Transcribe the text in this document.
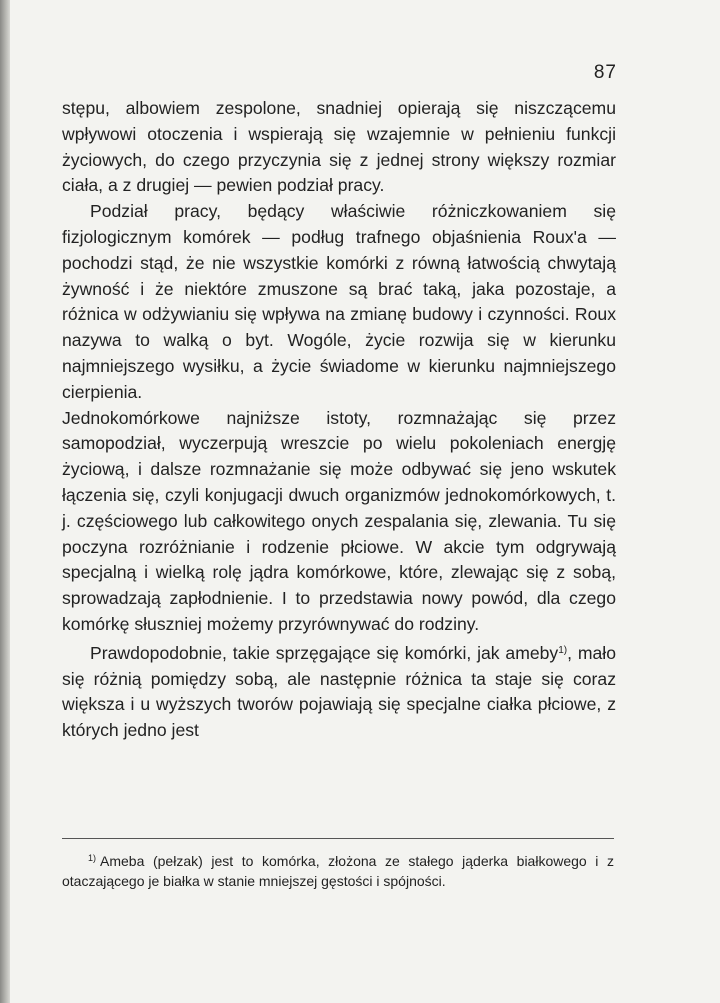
87

stępu, albowiem zespolone, snadniej opierają się niszczącemu wpływowi otoczenia i wspierają się wzajemnie w pełnieniu funkcji życiowych, do czego przyczynia się z jednej strony większy rozmiar ciała, a z drugiej — pewien podział pracy.

Podział pracy, będący właściwie różniczkowaniem się fizjologicznym komórek — podług trafnego objaśnienia Roux'a — pochodzi stąd, że nie wszystkie komórki z równą łatwością chwytają żywność i że niektóre zmuszone są brać taką, jaka pozostaje, a różnica w odżywianiu się wpływa na zmianę budowy i czynności. Roux nazywa to walką o byt. Wogóle, życie rozwija się w kierunku najmniejszego wysiłku, a życie świadome w kierunku najmniejszego cierpienia.

Jednokomórkowe najniższe istoty, rozmnażając się przez samopodział, wyczerpują wreszcie po wielu pokoleniach energję życiową, i dalsze rozmnażanie się może odbywać się jeno wskutek łączenia się, czyli konjugacji dwuch organizmów jednokomórkowych, t. j. częściowego lub całkowitego onych zespalania się, zlewania. Tu się poczyna rozróżnianie i rodzenie płciowe. W akcie tym odgrywają specjalną i wielką rolę jądra komórkowe, które, zlewając się z sobą, sprowadzają zapłodnienie. I to przedstawia nowy powód, dla czego komórkę słuszniej możemy przyrównywać do rodziny.

Prawdopodobnie, takie sprzęgające się komórki, jak ameby$^{1)}$, mało się różnią pomiędzy sobą, ale następnie różnica ta staje się coraz większa i u wyższych tworów pojawiają się specjalne ciałka płciowe, z których jedno jest

$^{1)}$ Ameba (pełzak) jest to komórka, złożona ze stałego jąderka białkowego i z otaczającego je białka w stanie mniejszej gęstości i spójności.
